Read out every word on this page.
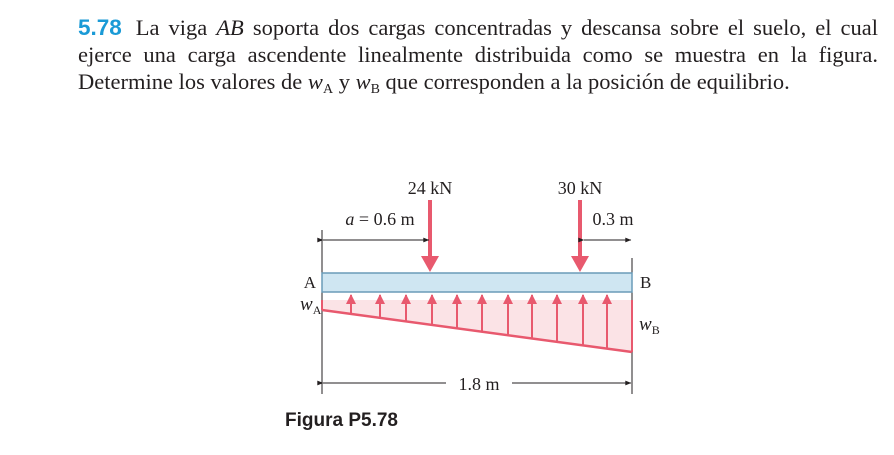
5.78 La viga AB soporta dos cargas concentradas y descansa sobre el suelo, el cual ejerce una carga ascendente linealmente distribuida como se muestra en la figura. Determine los valores de $w_A$ y $w_B$ que corresponden a la posición de equilibrio.
24 kN	30 kN
a = 0.6 m	0.3 m
1.8 m
A	B
$w_A$
$w_B$
Figura P5.78
